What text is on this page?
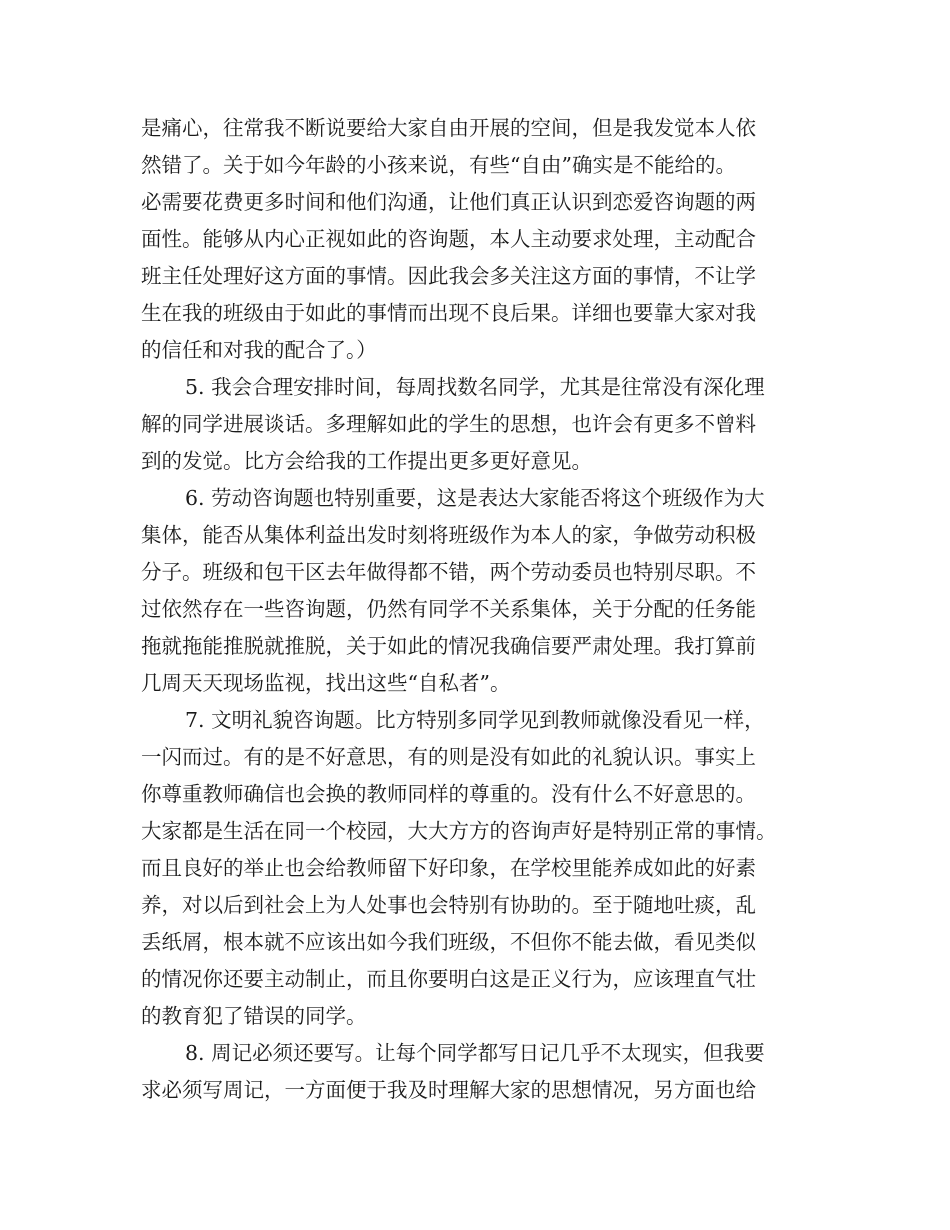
是痛心，往常我不断说要给大家自由开展的空间，但是我发觉本人依
然错了。关于如今年龄的小孩来说，有些“自由”确实是不能给的。
必需要花费更多时间和他们沟通，让他们真正认识到恋爱咨询题的两
面性。能够从内心正视如此的咨询题，本人主动要求处理，主动配合
班主任处理好这方面的事情。因此我会多关注这方面的事情，不让学
生在我的班级由于如此的事情而出现不良后果。详细也要靠大家对我
的信任和对我的配合了。）
5. 我会合理安排时间，每周找数名同学，尤其是往常没有深化理
解的同学进展谈话。多理解如此的学生的思想，也许会有更多不曾料
到的发觉。比方会给我的工作提出更多更好意见。
6. 劳动咨询题也特别重要，这是表达大家能否将这个班级作为大
集体，能否从集体利益出发时刻将班级作为本人的家，争做劳动积极
分子。班级和包干区去年做得都不错，两个劳动委员也特别尽职。不
过依然存在一些咨询题，仍然有同学不关系集体，关于分配的任务能
拖就拖能推脱就推脱，关于如此的情况我确信要严肃处理。我打算前
几周天天现场监视，找出这些“自私者”。
7. 文明礼貌咨询题。比方特别多同学见到教师就像没看见一样，
一闪而过。有的是不好意思，有的则是没有如此的礼貌认识。事实上
你尊重教师确信也会换的教师同样的尊重的。没有什么不好意思的。
大家都是生活在同一个校园，大大方方的咨询声好是特别正常的事情。
而且良好的举止也会给教师留下好印象，在学校里能养成如此的好素
养，对以后到社会上为人处事也会特别有协助的。至于随地吐痰，乱
丢纸屑，根本就不应该出如今我们班级，不但你不能去做，看见类似
的情况你还要主动制止，而且你要明白这是正义行为，应该理直气壮
的教育犯了错误的同学。
8. 周记必须还要写。让每个同学都写日记几乎不太现实，但我要
求必须写周记，一方面便于我及时理解大家的思想情况，另方面也给
